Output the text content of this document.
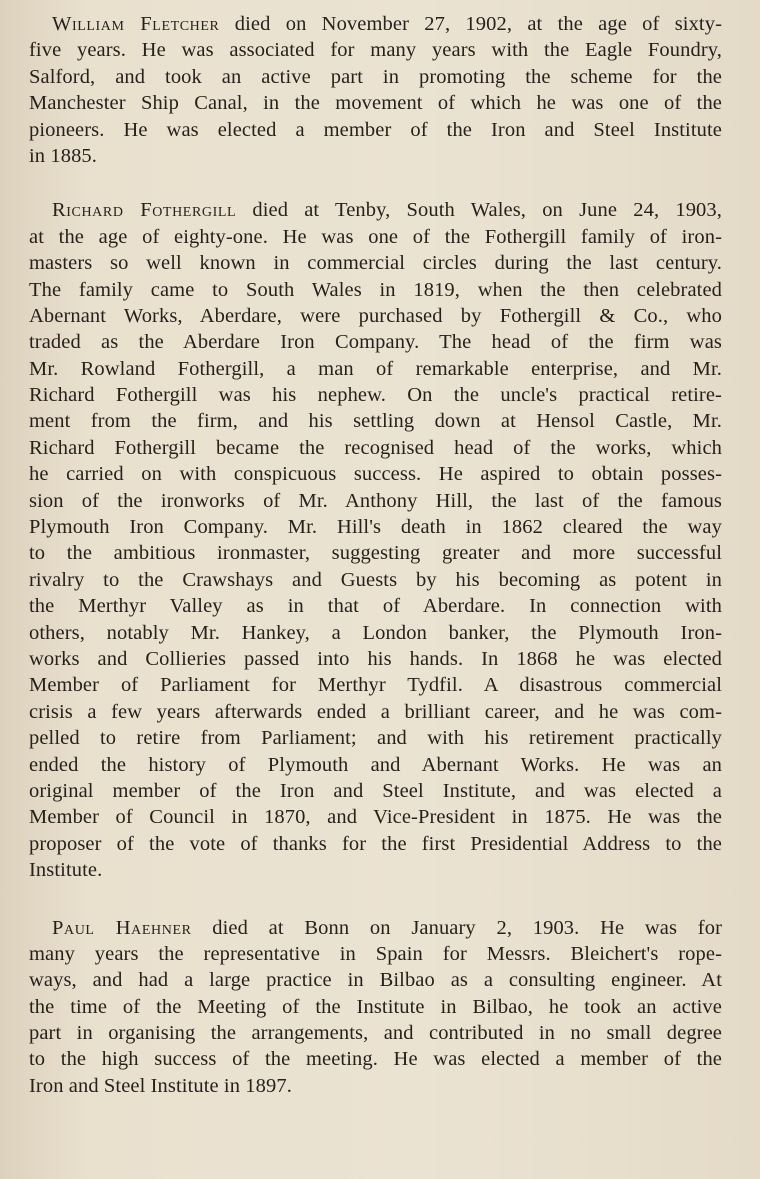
William Fletcher died on November 27, 1902, at the age of sixty-
five years. He was associated for many years with the Eagle Foundry,
Salford, and took an active part in promoting the scheme for the
Manchester Ship Canal, in the movement of which he was one of the
pioneers. He was elected a member of the Iron and Steel Institute
in 1885.
Richard Fothergill died at Tenby, South Wales, on June 24, 1903,
at the age of eighty-one. He was one of the Fothergill family of iron-
masters so well known in commercial circles during the last century.
The family came to South Wales in 1819, when the then celebrated
Abernant Works, Aberdare, were purchased by Fothergill & Co., who
traded as the Aberdare Iron Company. The head of the firm was
Mr. Rowland Fothergill, a man of remarkable enterprise, and Mr.
Richard Fothergill was his nephew. On the uncle's practical retire-
ment from the firm, and his settling down at Hensol Castle, Mr.
Richard Fothergill became the recognised head of the works, which
he carried on with conspicuous success. He aspired to obtain posses-
sion of the ironworks of Mr. Anthony Hill, the last of the famous
Plymouth Iron Company. Mr. Hill's death in 1862 cleared the way
to the ambitious ironmaster, suggesting greater and more successful
rivalry to the Crawshays and Guests by his becoming as potent in
the Merthyr Valley as in that of Aberdare. In connection with
others, notably Mr. Hankey, a London banker, the Plymouth Iron-
works and Collieries passed into his hands. In 1868 he was elected
Member of Parliament for Merthyr Tydfil. A disastrous commercial
crisis a few years afterwards ended a brilliant career, and he was com-
pelled to retire from Parliament; and with his retirement practically
ended the history of Plymouth and Abernant Works. He was an
original member of the Iron and Steel Institute, and was elected a
Member of Council in 1870, and Vice-President in 1875. He was the
proposer of the vote of thanks for the first Presidential Address to the
Institute.
Paul Haehner died at Bonn on January 2, 1903. He was for
many years the representative in Spain for Messrs. Bleichert's rope-
ways, and had a large practice in Bilbao as a consulting engineer. At
the time of the Meeting of the Institute in Bilbao, he took an active
part in organising the arrangements, and contributed in no small degree
to the high success of the meeting. He was elected a member of the
Iron and Steel Institute in 1897.
